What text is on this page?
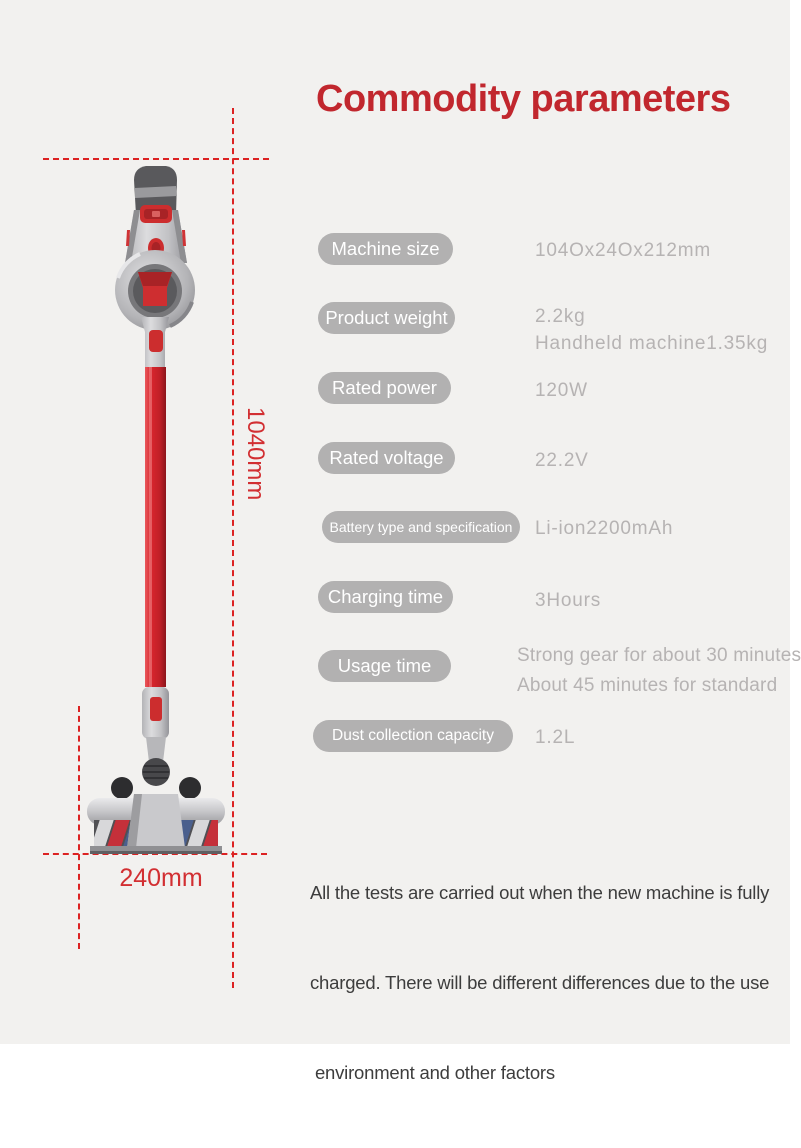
Commodity parameters
1040mm
240mm
Machine size	104Ox24Ox212mm
Product weight	2.2kg
Handheld machine1.35kg
Rated power	120W
Rated voltage	22.2V
Battery type and specification	Li-ion2200mAh
Charging time	3Hours
Usage time	Strong gear for about 30 minutes
About 45 minutes for standard
Dust collection capacity	1.2L

All the tests are carried out when the new machine is fully

charged. There will be different differences due to the use

environment and other factors
